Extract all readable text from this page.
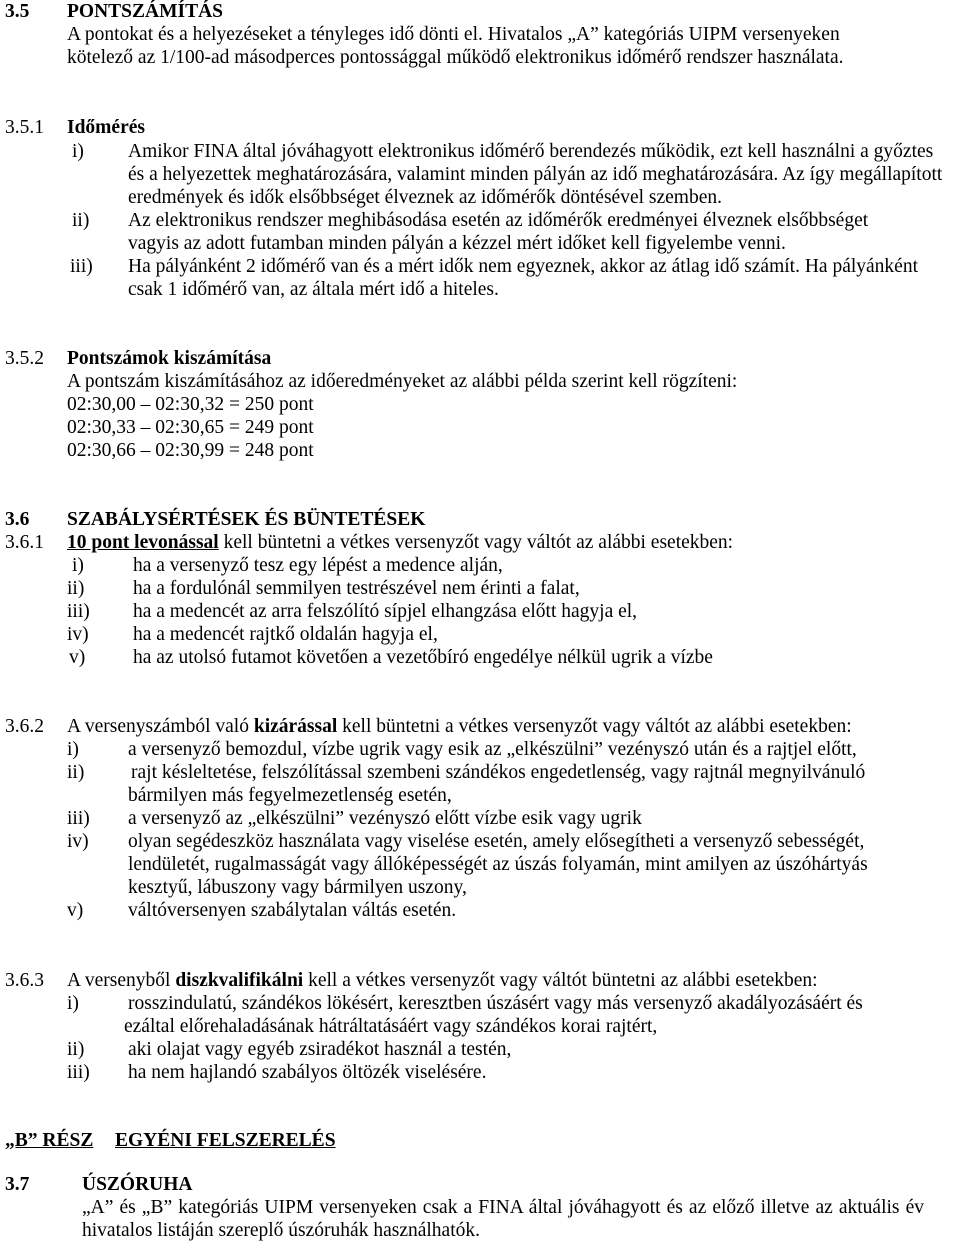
3.5 PONTSZÁMÍTÁS
A pontokat és a helyezéseket a tényleges idő dönti el. Hivatalos „A” kategóriás UIPM versenyeken
kötelező az 1/100-ad másodperces pontossággal működő elektronikus időmérő rendszer használata.
3.5.1 Időmérés
i) Amikor FINA által jóváhagyott elektronikus időmérő berendezés működik, ezt kell használni a győztes
és a helyezettek meghatározására, valamint minden pályán az idő meghatározására. Az így megállapított
eredmények és idők elsőbbséget élveznek az időmérők döntésével szemben.
ii) Az elektronikus rendszer meghibásodása esetén az időmérők eredményei élveznek elsőbbséget
vagyis az adott futamban minden pályán a kézzel mért időket kell figyelembe venni.
iii) Ha pályánként 2 időmérő van és a mért idők nem egyeznek, akkor az átlag idő számít. Ha pályánként
csak 1 időmérő van, az általa mért idő a hiteles.
3.5.2 Pontszámok kiszámítása
A pontszám kiszámításához az időeredményeket az alábbi példa szerint kell rögzíteni:
02:30,00 – 02:30,32 = 250 pont
02:30,33 – 02:30,65 = 249 pont
02:30,66 – 02:30,99 = 248 pont
3.6 SZABÁLYSÉRTÉSEK ÉS BÜNTETÉSEK
3.6.1 10 pont levonással kell büntetni a vétkes versenyzőt vagy váltót az alábbi esetekben:
i)	ha a versenyző tesz egy lépést a medence alján,
ii) ha a fordulónál semmilyen testrészével nem érinti a falat,
iii) ha a medencét az arra felszólító sípjel elhangzása előtt hagyja el,
iv) ha a medencét rajtkő oldalán hagyja el,
v) ha az utolsó futamot követően a vezetőbíró engedélye nélkül ugrik a vízbe
3.6.2 A versenyszámból való kizárással kell büntetni a vétkes versenyzőt vagy váltót az alábbi esetekben:
i)	a versenyző bemozdul, vízbe ugrik vagy esik az „elkészülni” vezényszó után és a rajtjel előtt,
ii) rajt késleltetése, felszólítással szembeni szándékos engedetlenség, vagy rajtnál megnyilvánuló
bármilyen más fegyelmezetlenség esetén,
iii) a versenyző az „elkészülni” vezényszó előtt vízbe esik vagy ugrik
iv) olyan segédeszköz használata vagy viselése esetén, amely elősegítheti a versenyző sebességét,
lendületét, rugalmasságát vagy állóképességét az úszás folyamán, mint amilyen az úszóhártyás
kesztyű, lábuszony vagy bármilyen uszony,
v) váltóversenyen szabálytalan váltás esetén.
3.6.3 A versenyből diszkvalifikálni kell a vétkes versenyzőt vagy váltót büntetni az alábbi esetekben:
i)	rosszindulatú, szándékos lökésért, keresztben úszásért vagy más versenyző akadályozásáért és
ezáltal előrehaladásának hátráltatásáért vagy szándékos korai rajtért,
ii) aki olajat vagy egyéb zsiradékot használ a testén,
iii) ha nem hajlandó szabályos öltözék viselésére.
„B” RÉSZ EGYÉNI FELSZERELÉS
3.7	ÚSZÓRUHA
„A” és „B” kategóriás UIPM versenyeken csak a FINA által jóváhagyott és az előző illetve az aktuális év
hivatalos listáján szereplő úszóruhák használhatók.
